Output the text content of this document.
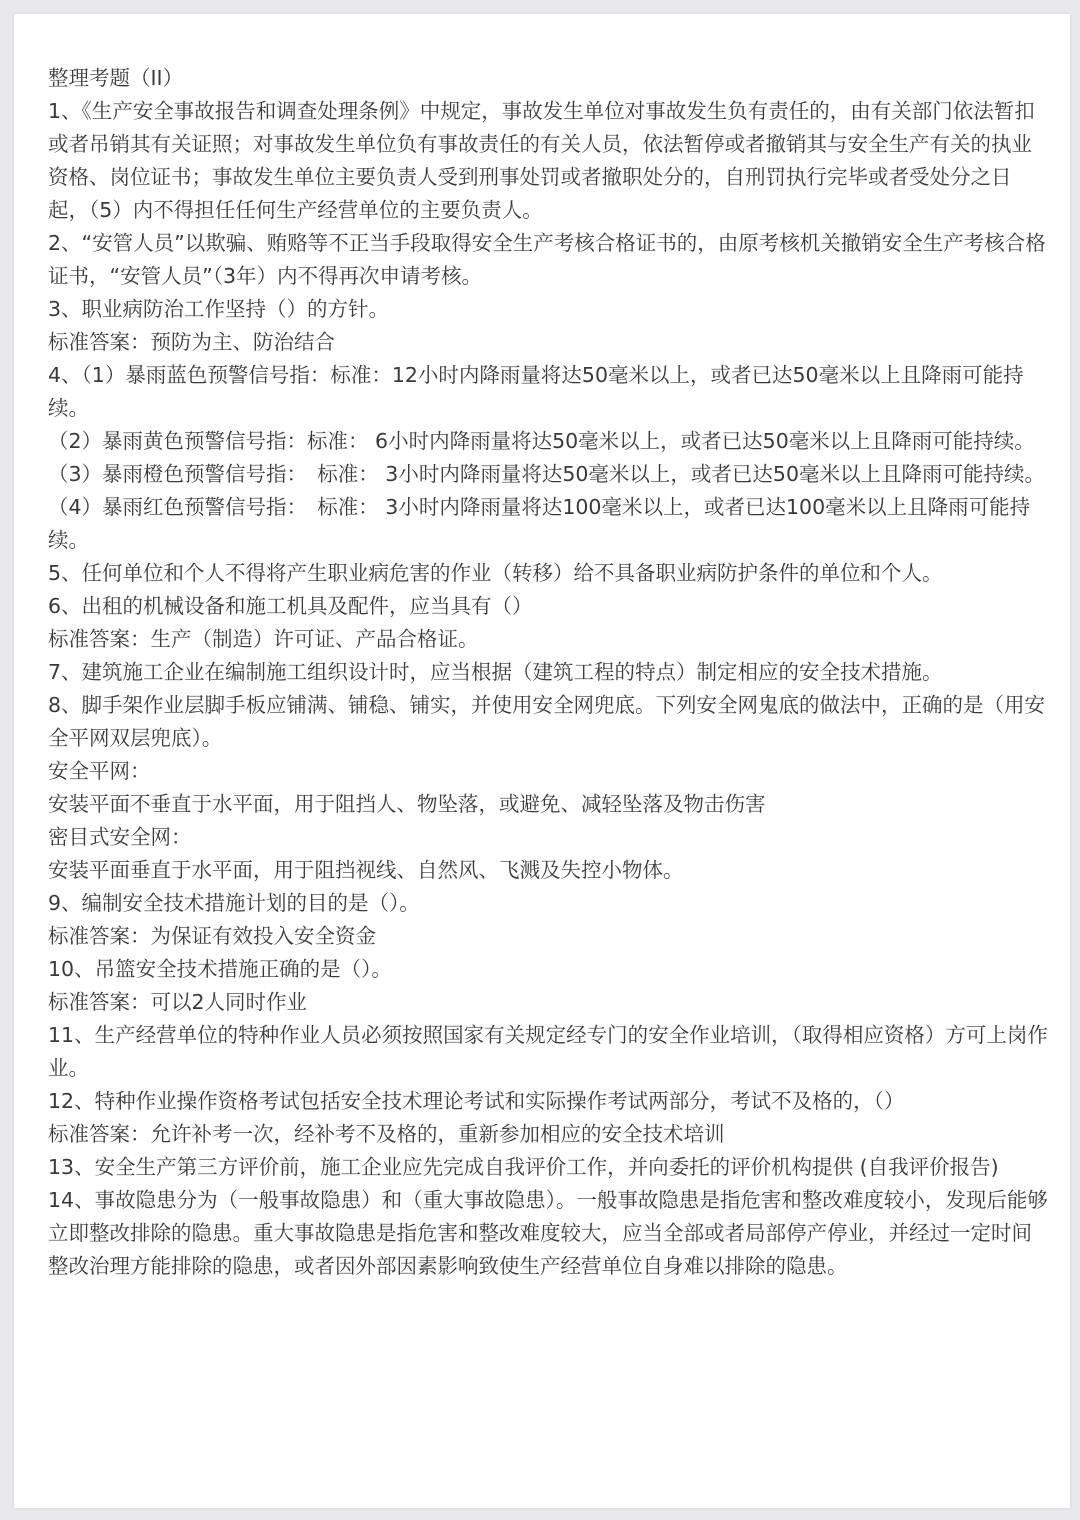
整理考题（II）

1、《生产安全事故报告和调查处理条例》中规定，事故发生单位对事故发生负有责任的，由有关部门依法暂扣或者吊销其有关证照；对事故发生单位负有事故责任的有关人员，依法暂停或者撤销其与安全生产有关的执业资格、岗位证书；事故发生单位主要负责人受到刑事处罚或者撤职处分的，自刑罚执行完毕或者受处分之日起，（5）内不得担任任何生产经营单位的主要负责人。

2、“安管人员”以欺骗、贿赂等不正当手段取得安全生产考核合格证书的，由原考核机关撤销安全生产考核合格证书，“安管人员”（3年）内不得再次申请考核。

3、职业病防治工作坚持（）的方针。

标准答案：预防为主、防治结合

4、（1）暴雨蓝色预警信号指：标准：12小时内降雨量将达50毫米以上，或者已达50毫米以上且降雨可能持续。

（2）暴雨黄色预警信号指：标准： 6小时内降雨量将达50毫米以上，或者已达50毫米以上且降雨可能持续。

（3）暴雨橙色预警信号指：　标准： 3小时内降雨量将达50毫米以上，或者已达50毫米以上且降雨可能持续。

（4）暴雨红色预警信号指：　标准： 3小时内降雨量将达100毫米以上，或者已达100毫米以上且降雨可能持续。

5、任何单位和个人不得将产生职业病危害的作业（转移）给不具备职业病防护条件的单位和个人。

6、出租的机械设备和施工机具及配件，应当具有（）

标准答案：生产（制造）许可证、产品合格证。

7、建筑施工企业在编制施工组织设计时，应当根据（建筑工程的特点）制定相应的安全技术措施。

8、脚手架作业层脚手板应铺满、铺稳、铺实，并使用安全网兜底。下列安全网鬼底的做法中，正确的是（用安全平网双层兜底）。

安全平网：

安装平面不垂直于水平面，用于阻挡人、物坠落，或避免、减轻坠落及物击伤害

密目式安全网：

安装平面垂直于水平面，用于阻挡视线、自然风、飞溅及失控小物体。

9、编制安全技术措施计划的目的是（）。

标准答案：为保证有效投入安全资金

10、吊篮安全技术措施正确的是（）。

标准答案：可以2人同时作业

11、生产经营单位的特种作业人员必须按照国家有关规定经专门的安全作业培训，（取得相应资格）方可上岗作业。

12、特种作业操作资格考试包括安全技术理论考试和实际操作考试两部分，考试不及格的，（）

标准答案：允许补考一次，经补考不及格的，重新参加相应的安全技术培训

13、安全生产第三方评价前，施工企业应先完成自我评价工作，并向委托的评价机构提供 (自我评价报告)

14、事故隐患分为（一般事故隐患）和（重大事故隐患）。一般事故隐患是指危害和整改难度较小，发现后能够立即整改排除的隐患。重大事故隐患是指危害和整改难度较大，应当全部或者局部停产停业，并经过一定时间整改治理方能排除的隐患，或者因外部因素影响致使生产经营单位自身难以排除的隐患。
